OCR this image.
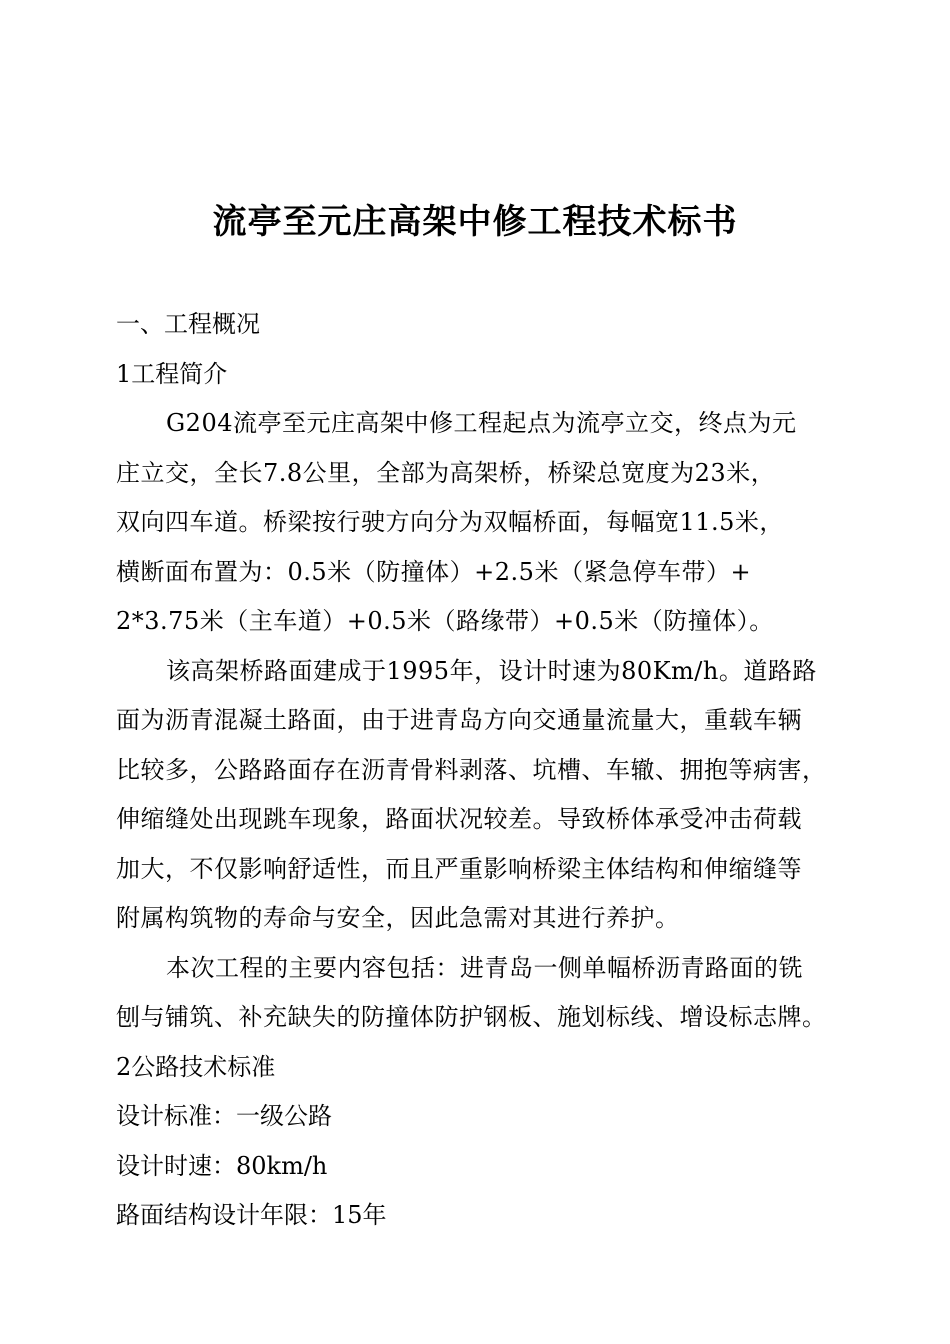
流亭至元庄高架中修工程技术标书

一、工程概况

1工程简介

G204流亭至元庄高架中修工程起点为流亭立交，终点为元
庄立交，全长7.8公里，全部为高架桥，桥梁总宽度为23米，
双向四车道。桥梁按行驶方向分为双幅桥面，每幅宽11.5米，
横断面布置为：0.5米（防撞体）+2.5米（紧急停车带）+
2*3.75米（主车道）+0.5米（路缘带）+0.5米（防撞体）。

该高架桥路面建成于1995年，设计时速为80Km/h。道路路
面为沥青混凝土路面，由于进青岛方向交通量流量大，重载车辆
比较多，公路路面存在沥青骨料剥落、坑槽、车辙、拥抱等病害，
伸缩缝处出现跳车现象，路面状况较差。导致桥体承受冲击荷载
加大，不仅影响舒适性，而且严重影响桥梁主体结构和伸缩缝等
附属构筑物的寿命与安全，因此急需对其进行养护。

本次工程的主要内容包括：进青岛一侧单幅桥沥青路面的铣
刨与铺筑、补充缺失的防撞体防护钢板、施划标线、增设标志牌。

2公路技术标准

设计标准：一级公路

设计时速：80km/h

路面结构设计年限：15年
